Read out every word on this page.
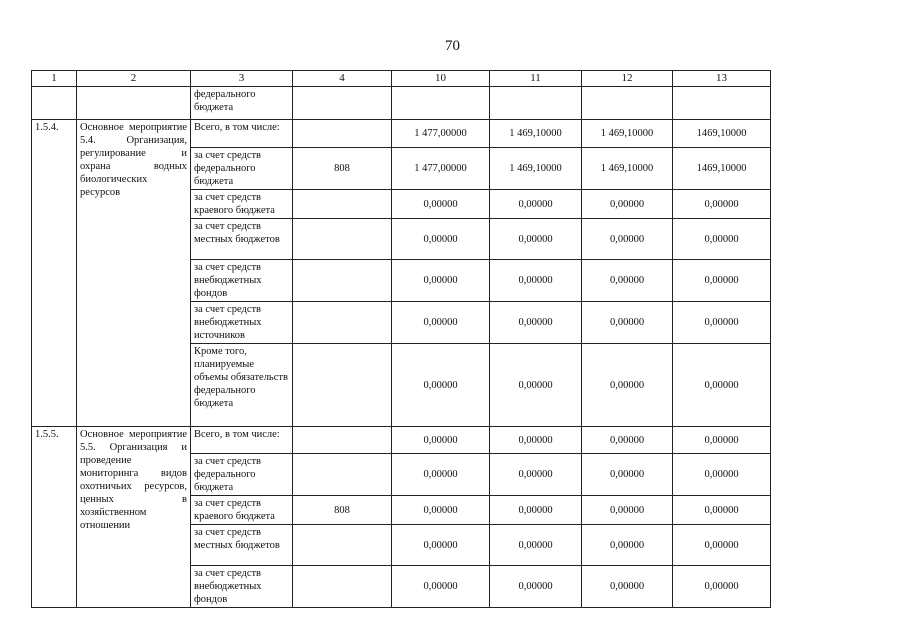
70
1	2	3	4	10	11	12	13
		федерального бюджета					
1.5.4.	Основное мероприятие 5.4. Организация, регулирование и охрана водных биологических ресурсов	Всего, в том числе:		1 477,00000	1 469,10000	1 469,10000	1469,10000
		за счет средств федерального бюджета	808	1 477,00000	1 469,10000	1 469,10000	1469,10000
		за счет средств краевого бюджета		0,00000	0,00000	0,00000	0,00000
		за счет средств местных бюджетов		0,00000	0,00000	0,00000	0,00000
		за счет средств внебюджетных фондов		0,00000	0,00000	0,00000	0,00000
		за счет средств внебюджетных источников		0,00000	0,00000	0,00000	0,00000
		Кроме того, планируемые объемы обязательств федерального бюджета		0,00000	0,00000	0,00000	0,00000
1.5.5.	Основное мероприятие 5.5. Организация и проведение мониторинга видов охотничьих ресурсов, ценных в хозяйственном отношении	Всего, в том числе:		0,00000	0,00000	0,00000	0,00000
		за счет средств федерального бюджета		0,00000	0,00000	0,00000	0,00000
		за счет средств краевого бюджета	808	0,00000	0,00000	0,00000	0,00000
		за счет средств местных бюджетов		0,00000	0,00000	0,00000	0,00000
		за счет средств внебюджетных фондов		0,00000	0,00000	0,00000	0,00000
